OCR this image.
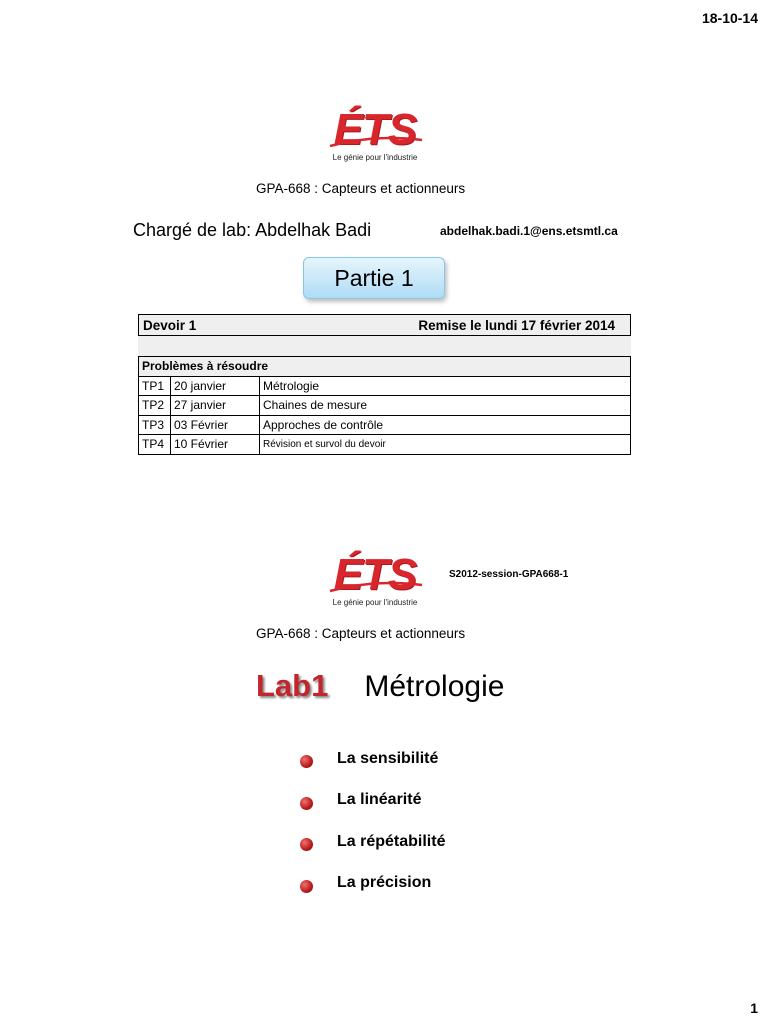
18-10-14
ÉTS
Le génie pour l'industrie
GPA-668 : Capteurs et actionneurs
Chargé de lab: Abdelhak Badi	abdelhak.badi.1@ens.etsmtl.ca
Partie 1
Devoir 1	Remise le lundi 17 février 2014
Problèmes à résoudre		
TP1	20 janvier	Métrologie
TP2	27 janvier	Chaines de mesure
TP3	03 Février	Approches de contrôle
TP4	10 Février	Révision et survol du devoir
ÉTS
Le génie pour l'industrie
S2012-session-GPA668-1
GPA-668 : Capteurs et actionneurs
Lab1 Métrologie
La sensibilité
La linéarité
La répétabilité
La précision
1
